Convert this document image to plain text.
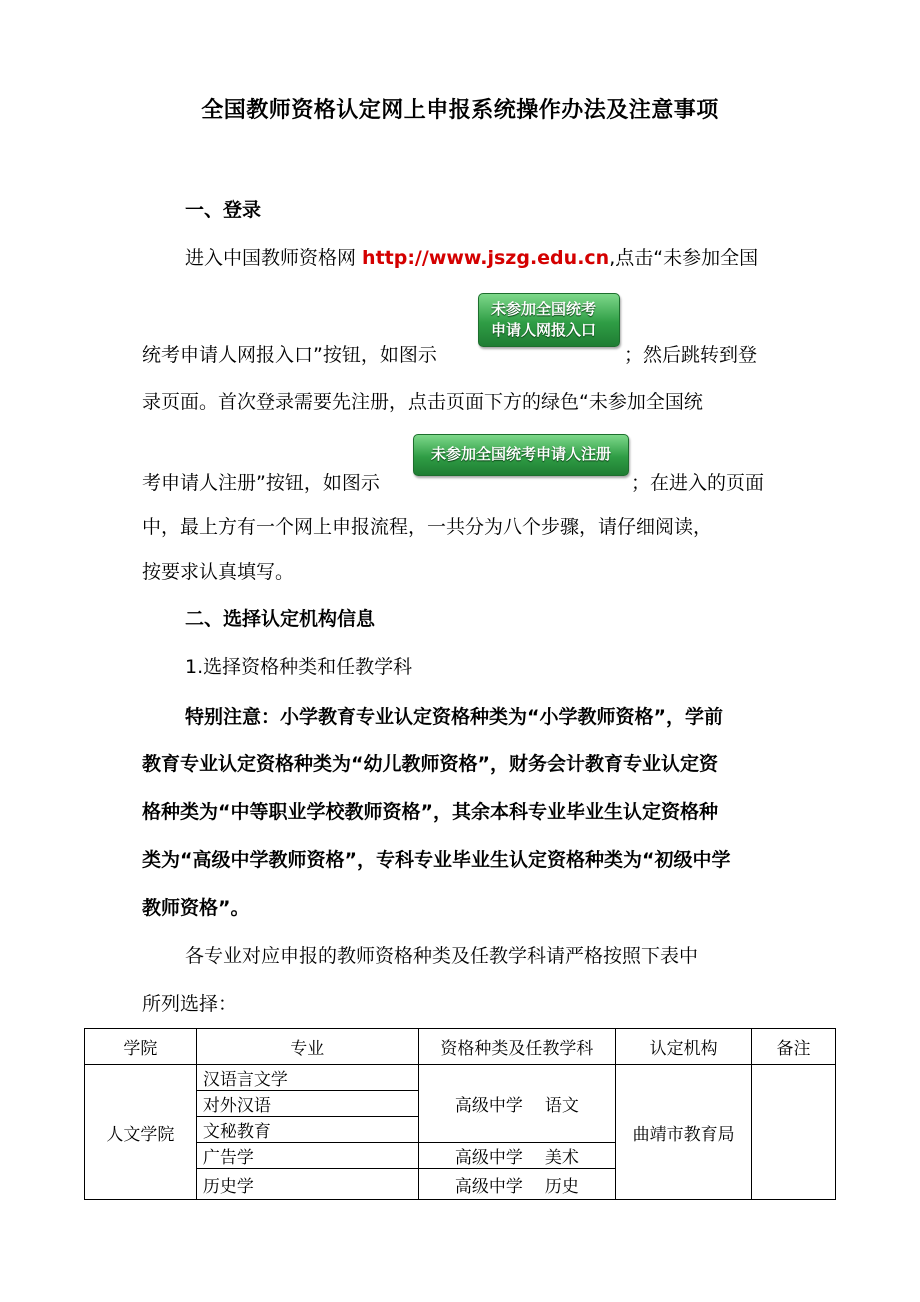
全国教师资格认定网上申报系统操作办法及注意事项
一、登录
进入中国教师资格网 http://www.jszg.edu.cn,点击“未参加全国
未参加全国统考
申请人网报入口
统考申请人网报入口”按钮，如图示	；然后跳转到登
录页面。首次登录需要先注册，点击页面下方的绿色“未参加全国统
未参加全国统考申请人注册
考申请人注册”按钮，如图示	；在进入的页面
中，最上方有一个网上申报流程，一共分为八个步骤，请仔细阅读，
按要求认真填写。
二、选择认定机构信息
1.选择资格种类和任教学科
特别注意：小学教育专业认定资格种类为“小学教师资格”，学前
教育专业认定资格种类为“幼儿教师资格”，财务会计教育专业认定资
格种类为“中等职业学校教师资格”，其余本科专业毕业生认定资格种
类为“高级中学教师资格”，专科专业毕业生认定资格种类为“初级中学
教师资格”。
各专业对应申报的教师资格种类及任教学科请严格按照下表中
所列选择：
学院	专业	资格种类及任教学科	认定机构	备注
人文学院	汉语言文学	高级中学 语文	曲靖市教育局	
	对外汉语			
	文秘教育			
	广告学	高级中学 美术		
	历史学	高级中学 历史		
